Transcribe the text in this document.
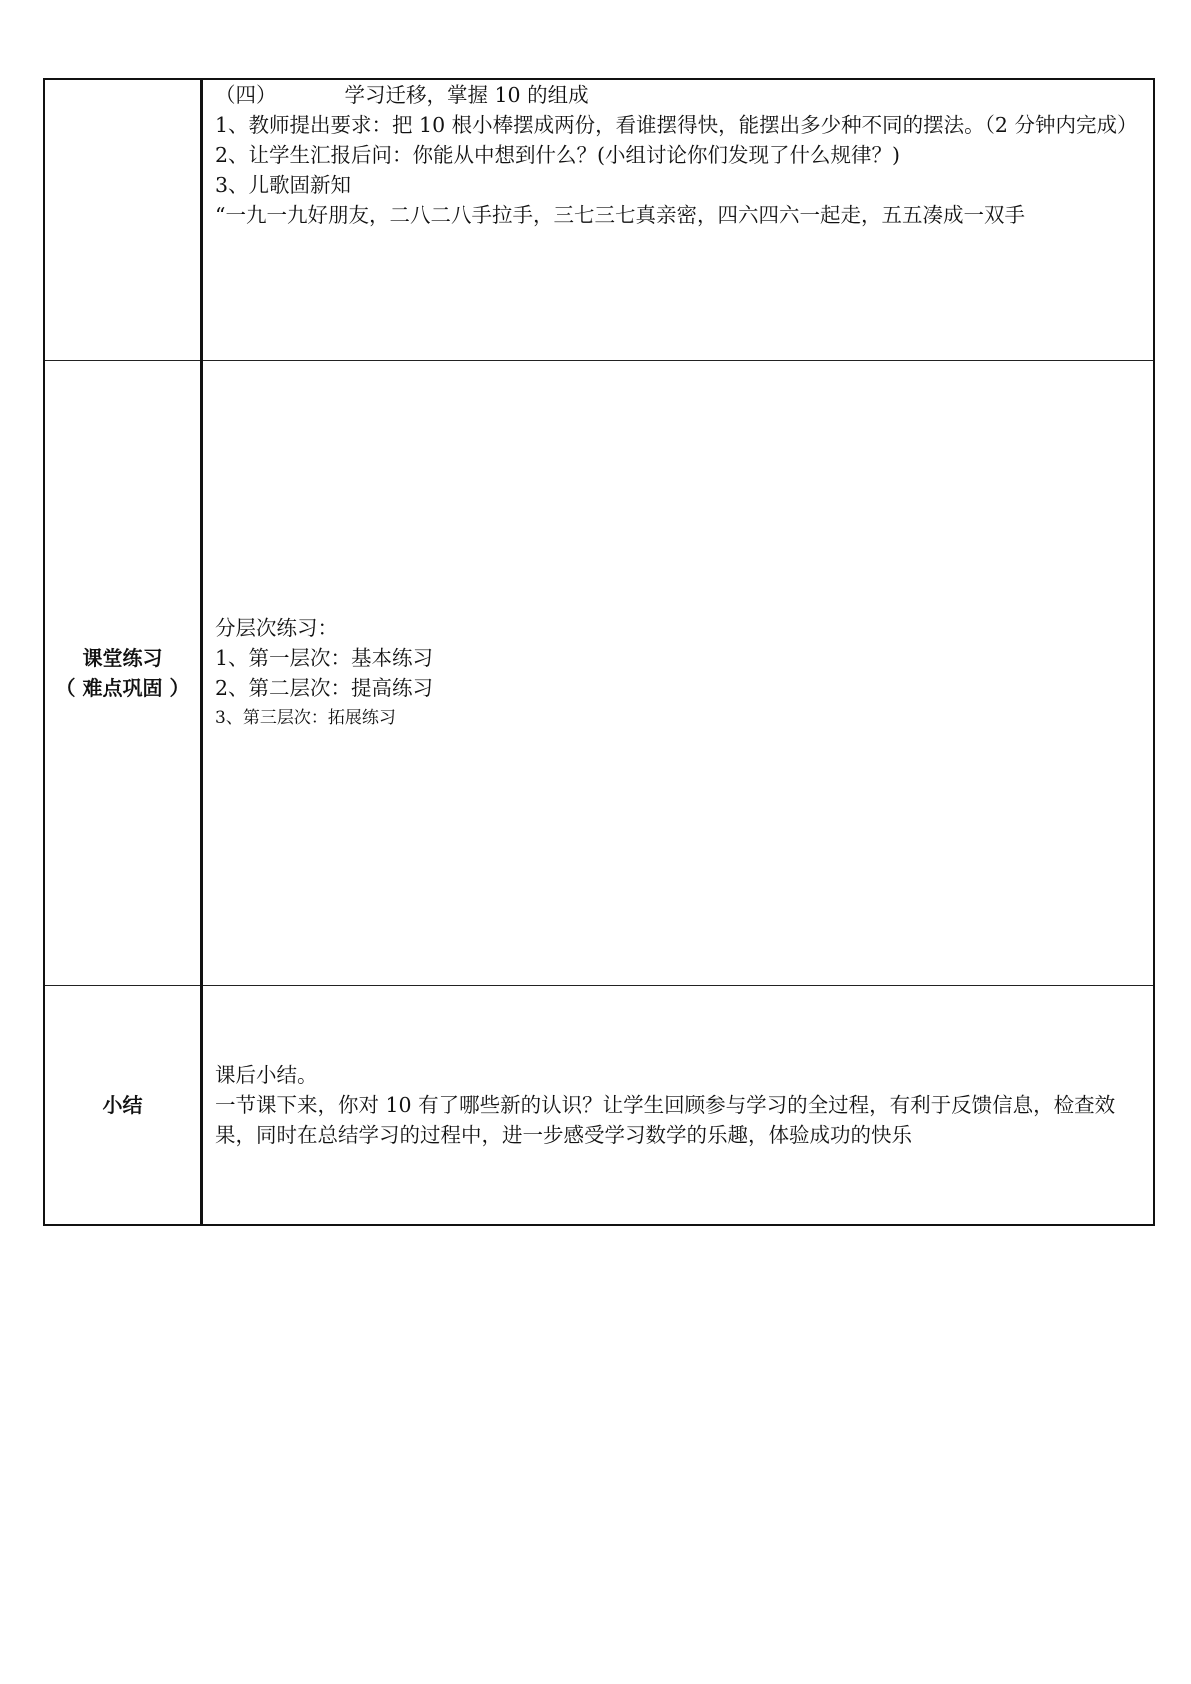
	（四） 学习迁移，掌握 10 的组成
1、教师提出要求：把 10 根小棒摆成两份，看谁摆得快，能摆出多少种不同的摆法。（2 分钟内完成）
2、让学生汇报后问：你能从中想到什么？(小组讨论你们发现了什么规律？)
3、儿歌固新知
“一九一九好朋友，二八二八手拉手，三七三七真亲密，四六四六一起走，五五凑成一双手

课堂练习
（ 难点巩固 ）	分层次练习：
1、第一层次：基本练习
2、第二层次：提高练习
3、第三层次：拓展练习

小结	课后小结。
一节课下来，你对 10 有了哪些新的认识？让学生回顾参与学习的全过程，有利于反馈信息，检查效果，同时在总结学习的过程中，进一步感受学习数学的乐趣，体验成功的快乐
